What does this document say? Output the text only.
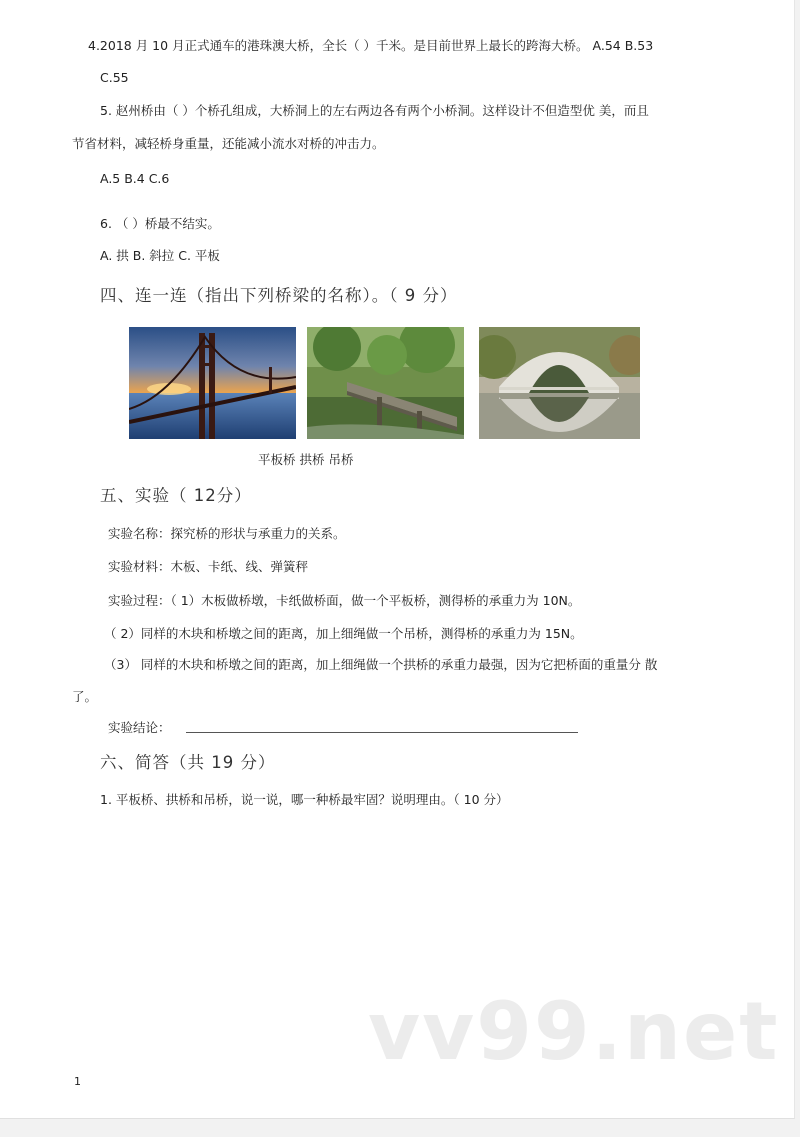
4.2018 月 10 月正式通车的港珠澳大桥，全长（ ）千米。是目前世界上最长的跨海大桥。 A.54 B.53
C.55
5. 赵州桥由（ ）个桥孔组成，大桥洞上的左右两边各有两个小桥洞。这样设计不但造型优 美，而且
节省材料，减轻桥身重量，还能减小流水对桥的冲击力。
A.5 B.4 C.6
6. （ ）桥最不结实。
A. 拱 B. 斜拉 C. 平板
四、连一连（指出下列桥梁的名称）。（ 9 分）
平板桥 拱桥 吊桥
五、实验（ 12分）
实验名称：探究桥的形状与承重力的关系。
实验材料：木板、卡纸、线、弹簧秤
实验过程：（ 1）木板做桥墩，卡纸做桥面，做一个平板桥，测得桥的承重力为 10N。
（ 2）同样的木块和桥墩之间的距离，加上细绳做一个吊桥，测得桥的承重力为 15N。
（3） 同样的木块和桥墩之间的距离，加上细绳做一个拱桥的承重力最强，因为它把桥面的重量分 散
了。
实验结论：
六、简答（共 19 分）
1. 平板桥、拱桥和吊桥，说一说，哪一种桥最牢固？说明理由。（ 10 分）
vv99.net
1
